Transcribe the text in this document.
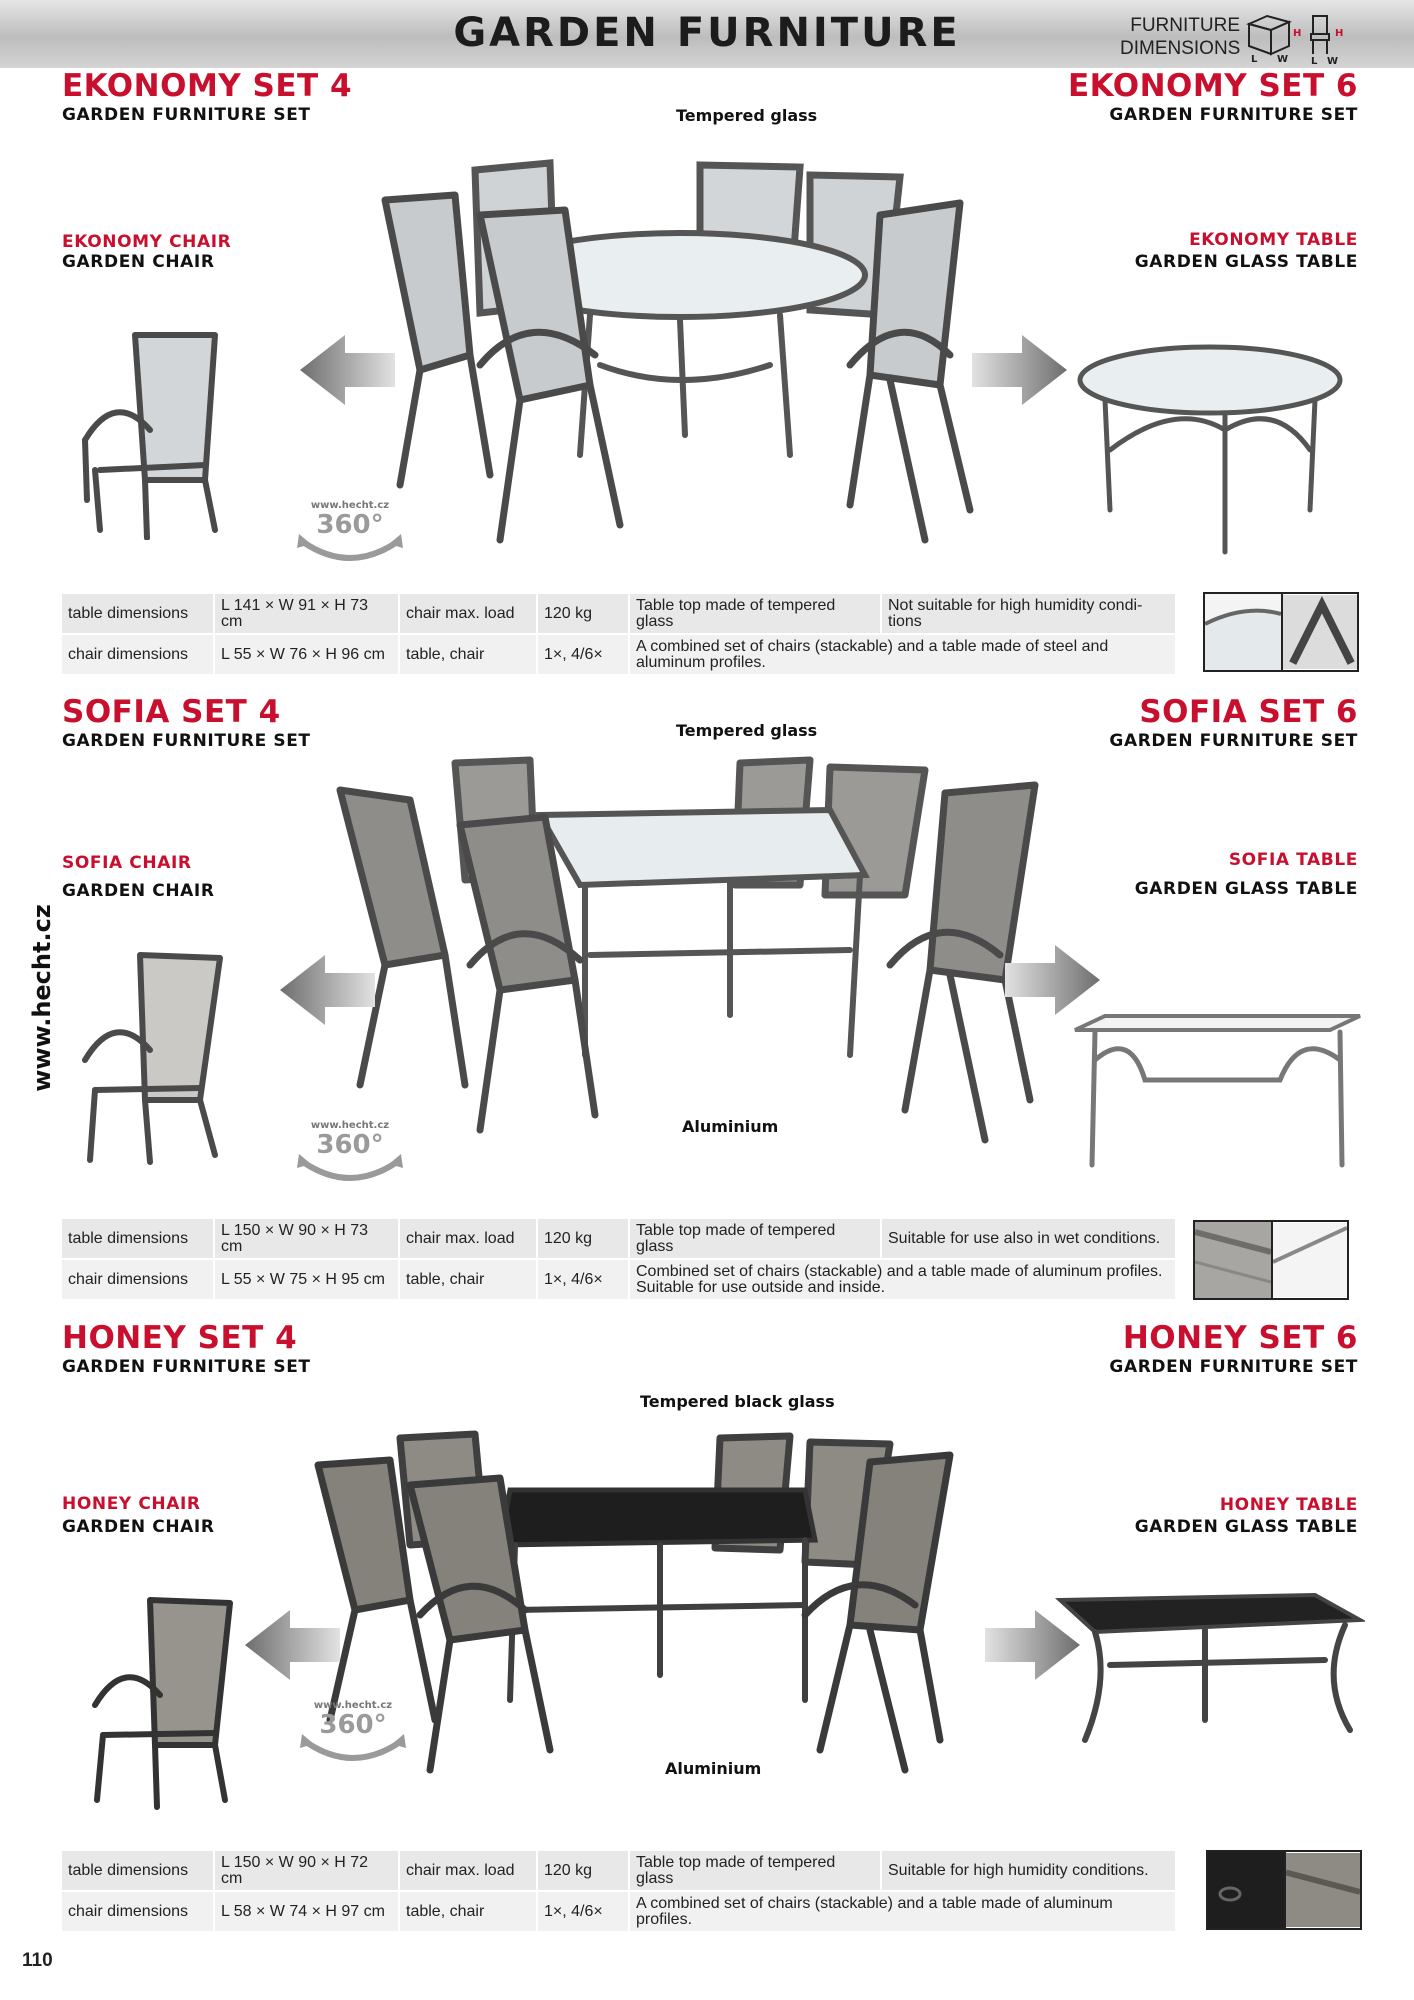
GARDEN FURNITURE	FURNITURE
DIMENSIONS
H
L W
H
L W
www.hecht.cz
EKONOMY SET 4
GARDEN FURNITURE SET
EKONOMY SET 6
GARDEN FURNITURE SET
Tempered glass
EKONOMY CHAIR
GARDEN CHAIR
EKONOMY TABLE
GARDEN GLASS TABLE
www.hecht.cz
360°
table dimensions	L 141 × W 91 × H 73 cm	chair max. load	120 kg	Table top made of tempered glass	Not suitable for high humidity condi-tions
chair dimensions	L 55 × W 76 × H 96 cm	table, chair	1×, 4/6×	A combined set of chairs (stackable) and a table made of steel and aluminum profiles.	
SOFIA SET 4
GARDEN FURNITURE SET
SOFIA SET 6
GARDEN FURNITURE SET
Tempered glass
Aluminium
SOFIA CHAIR
GARDEN CHAIR
SOFIA TABLE
GARDEN GLASS TABLE
www.hecht.cz
360°
table dimensions	L 150 × W 90 × H 73 cm	chair max. load	120 kg	Table top made of tempered glass	Suitable for use also in wet conditions.
chair dimensions	L 55 × W 75 × H 95 cm	table, chair	1×, 4/6×	Combined set of chairs (stackable) and a table made of aluminum profiles. Suitable for use outside and inside.	
HONEY SET 4
GARDEN FURNITURE SET
HONEY SET 6
GARDEN FURNITURE SET
Tempered black glass
Aluminium
HONEY CHAIR
GARDEN CHAIR
HONEY TABLE
GARDEN GLASS TABLE
www.hecht.cz
360°
table dimensions	L 150 × W 90 × H 72 cm	chair max. load	120 kg	Table top made of tempered glass	Suitable for high humidity conditions.
chair dimensions	L 58 × W 74 × H 97 cm	table, chair	1×, 4/6×	A combined set of chairs (stackable) and a table made of aluminum profiles.	
110
